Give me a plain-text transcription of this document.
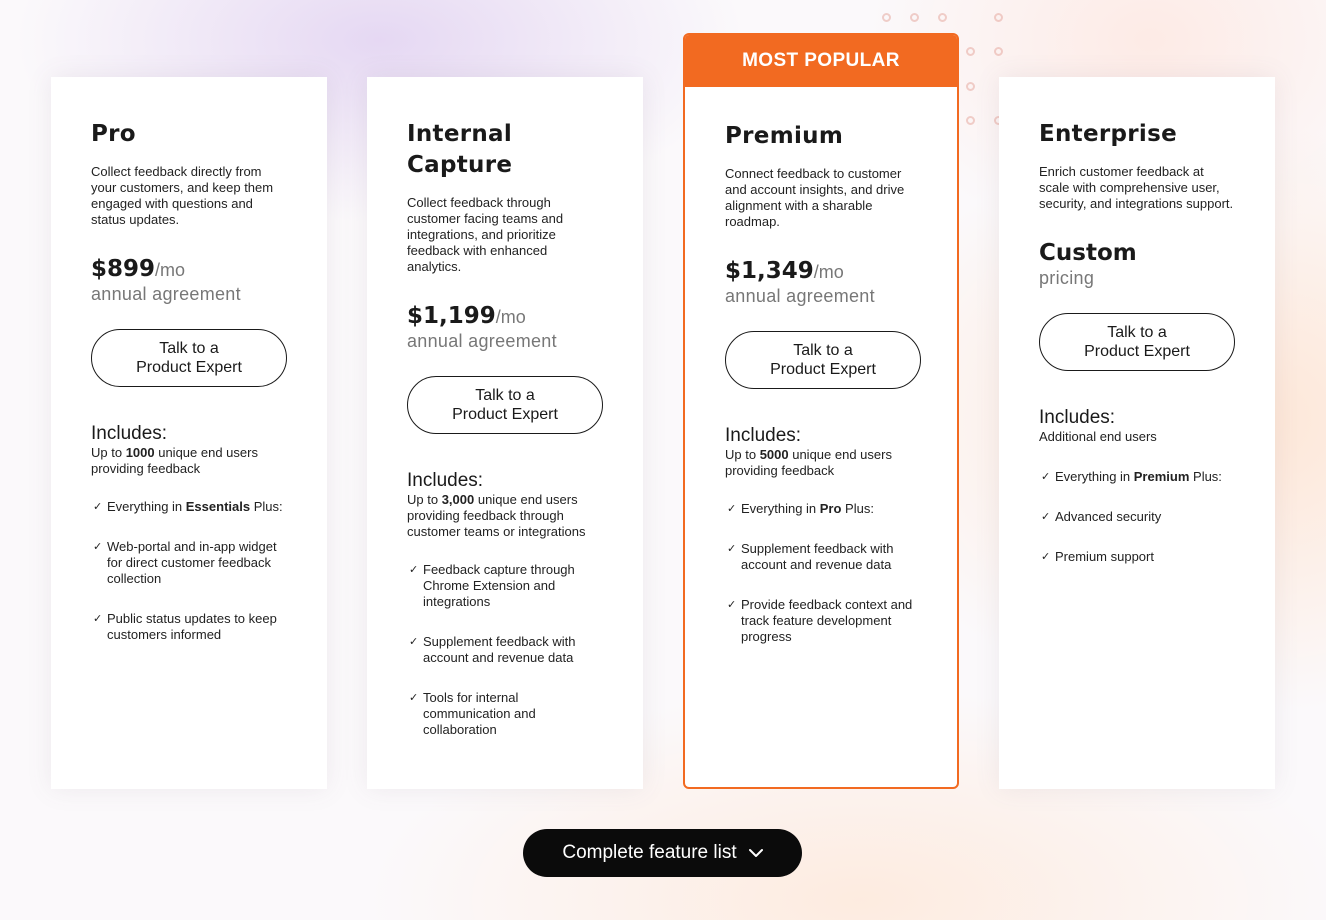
Pro
Collect feedback directly from your customers, and keep them engaged with questions and status updates.
$899/mo
annual agreement
Talk to a
Product Expert
Includes:
Up to 1000 unique end users providing feedback
✓ Everything in Essentials Plus:
✓ Web-portal and in-app widget for direct customer feedback collection
✓ Public status updates to keep customers informed
Internal Capture
Collect feedback through customer facing teams and integrations, and prioritize feedback with enhanced analytics.
$1,199/mo
annual agreement
Talk to a
Product Expert
Includes:
Up to 3,000 unique end users providing feedback through customer teams or integrations
✓ Feedback capture through Chrome Extension and integrations
✓ Supplement feedback with account and revenue data
✓ Tools for internal communication and collaboration
MOST POPULAR
Premium
Connect feedback to customer and account insights, and drive alignment with a sharable roadmap.
$1,349/mo
annual agreement
Talk to a
Product Expert
Includes:
Up to 5000 unique end users providing feedback
✓ Everything in Pro Plus:
✓ Supplement feedback with account and revenue data
✓ Provide feedback context and track feature development progress
Enterprise
Enrich customer feedback at scale with comprehensive user, security, and integrations support.
Custom
pricing
Talk to a
Product Expert
Includes:
Additional end users
✓ Everything in Premium Plus:
✓ Advanced security
✓ Premium support
Complete feature list
